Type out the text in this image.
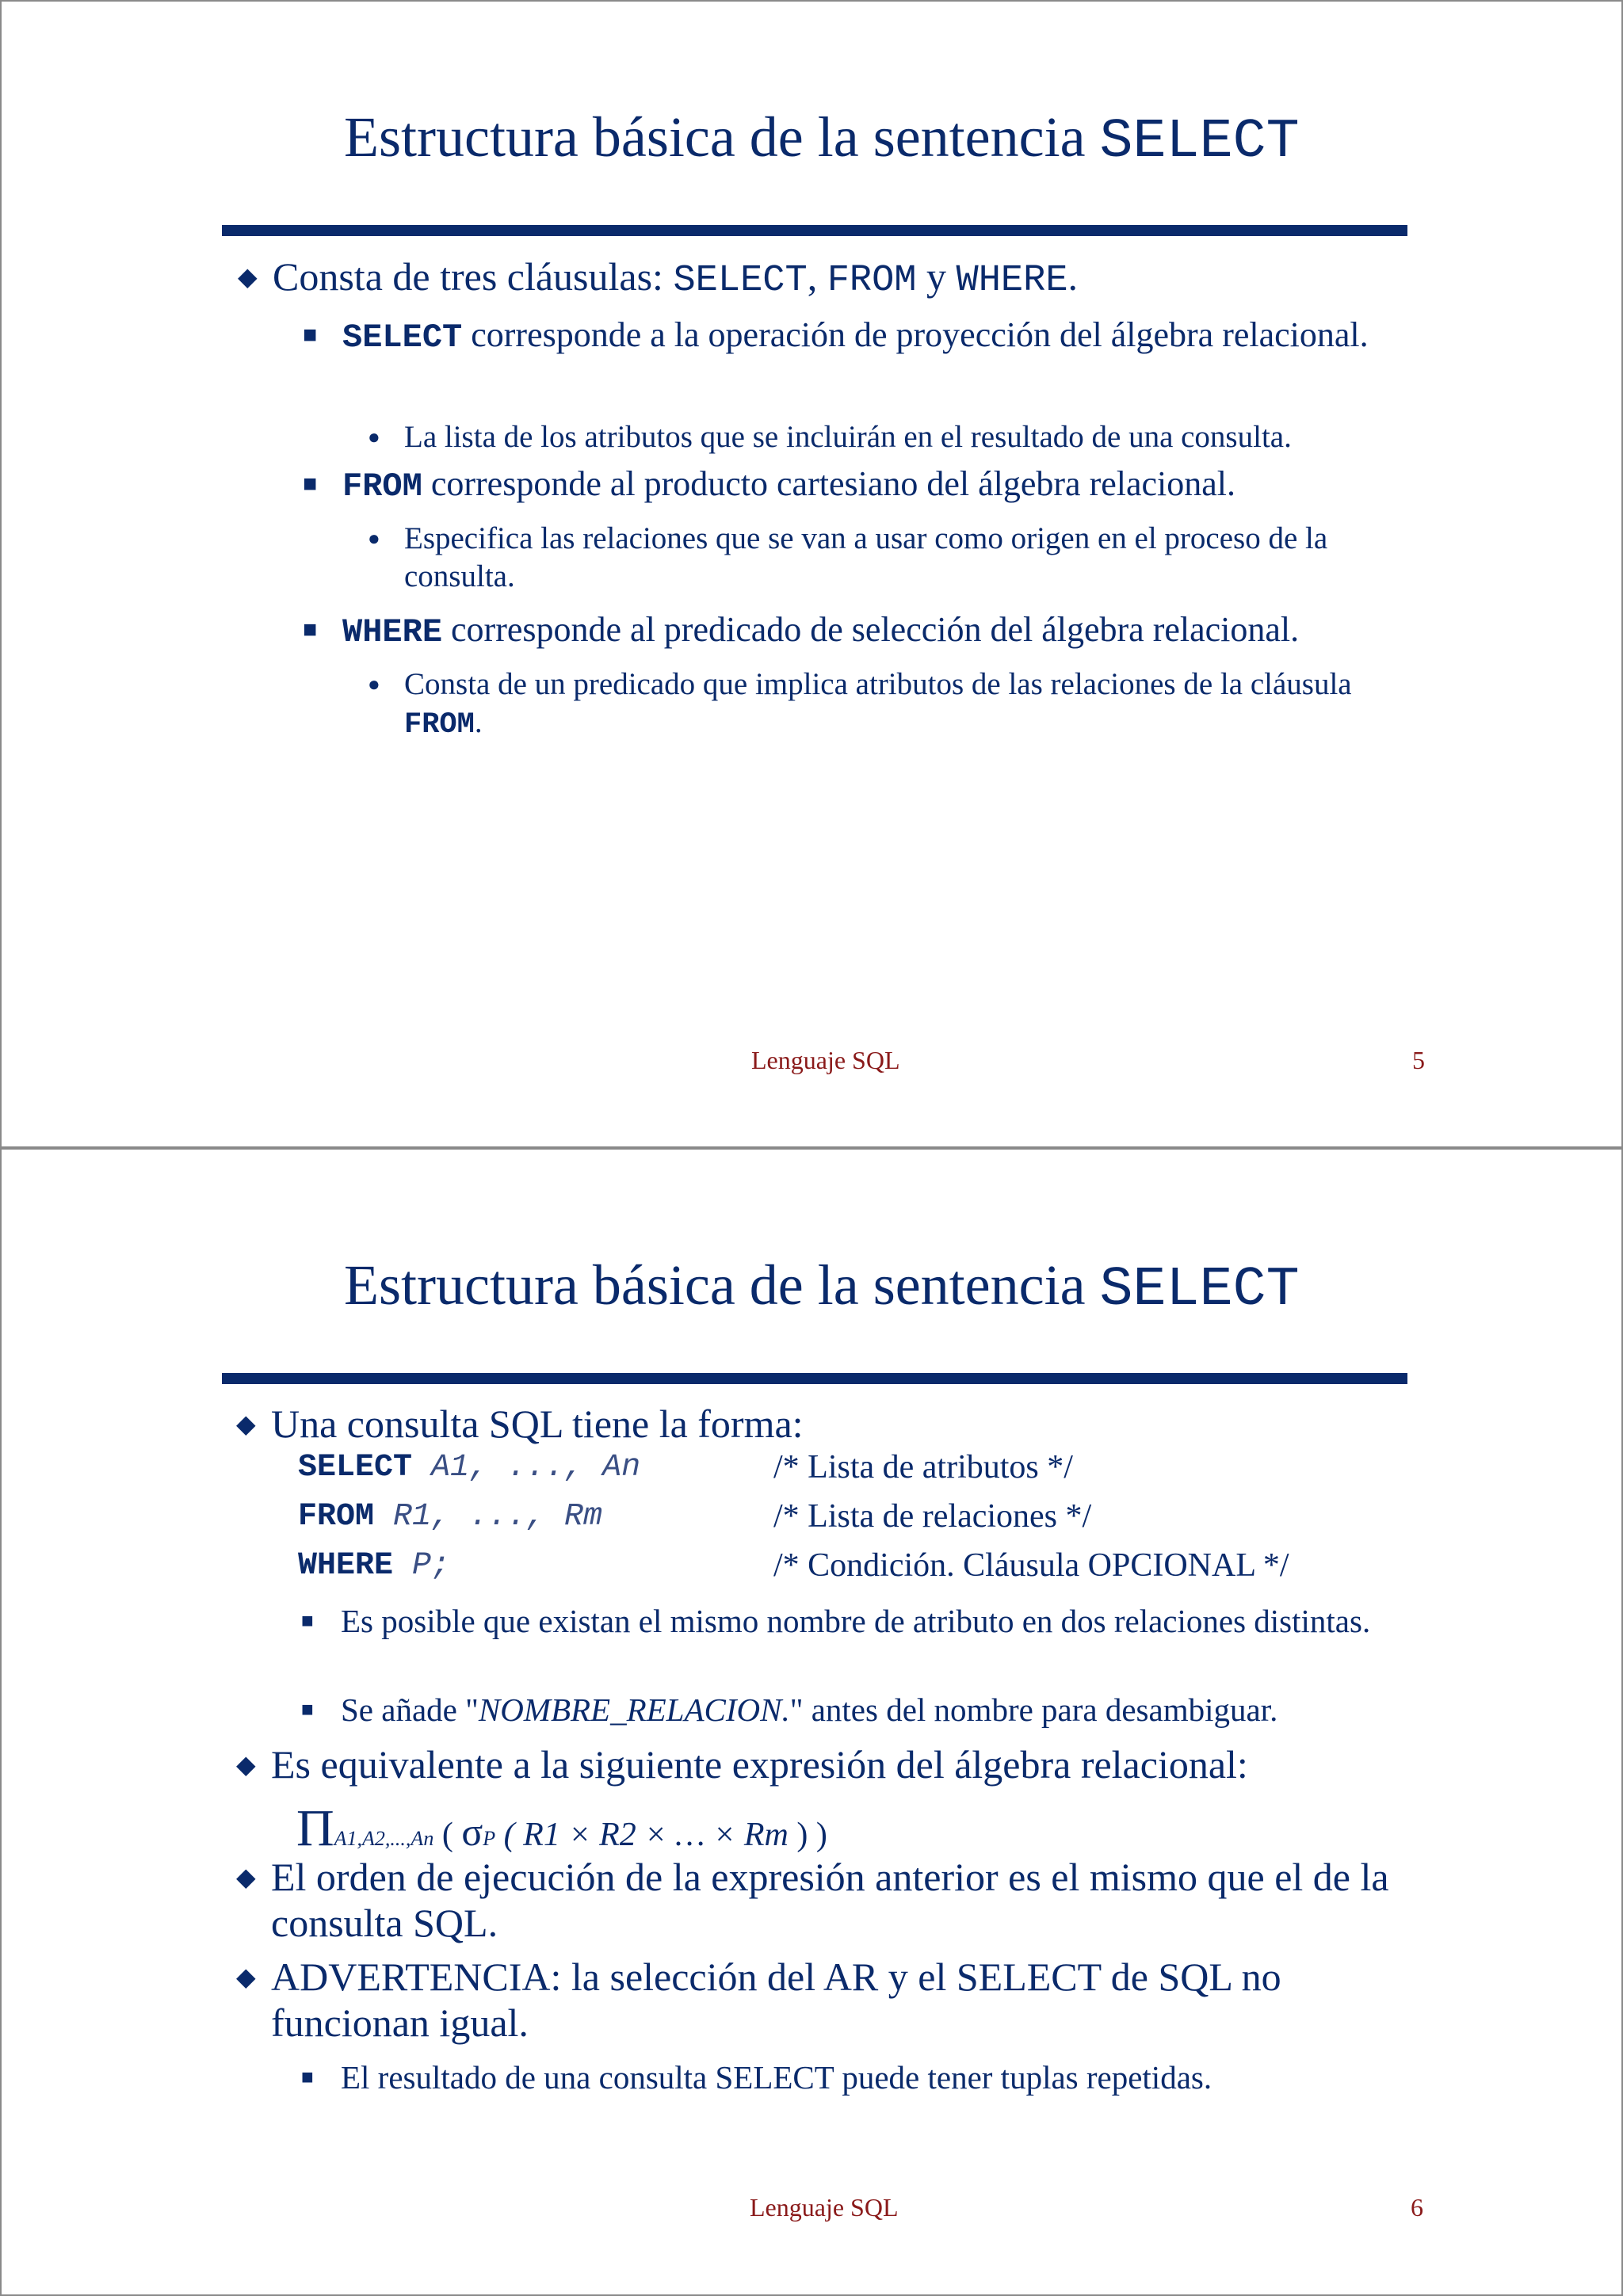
Estructura básica de la sentencia SELECT
◆ Consta de tres cláusulas: SELECT, FROM y WHERE.
■ SELECT corresponde a la operación de proyección del álgebra relacional.
● La lista de los atributos que se incluirán en el resultado de una consulta.
■ FROM corresponde al producto cartesiano del álgebra relacional.
● Especifica las relaciones que se van a usar como origen en el proceso de la consulta.
■ WHERE corresponde al predicado de selección del álgebra relacional.
● Consta de un predicado que implica atributos de las relaciones de la cláusula FROM.
Lenguaje SQL	5
Estructura básica de la sentencia SELECT
◆ Una consulta SQL tiene la forma:
SELECT A1, ..., An	/* Lista de atributos */
FROM R1, ..., Rm	/* Lista de relaciones */
WHERE P;	/* Condición. Cláusula OPCIONAL */
■ Es posible que existan el mismo nombre de atributo en dos relaciones distintas.
■ Se añade "NOMBRE_RELACION." antes del nombre para desambiguar.
◆ Es equivalente a la siguiente expresión del álgebra relacional:
ΠA1,A2,...,An ( σP ( R1 × R2 × … × Rm ) )
◆ El orden de ejecución de la expresión anterior es el mismo que el de la consulta SQL.
◆ ADVERTENCIA: la selección del AR y el SELECT de SQL no funcionan igual.
■ El resultado de una consulta SELECT puede tener tuplas repetidas.
Lenguaje SQL	6
